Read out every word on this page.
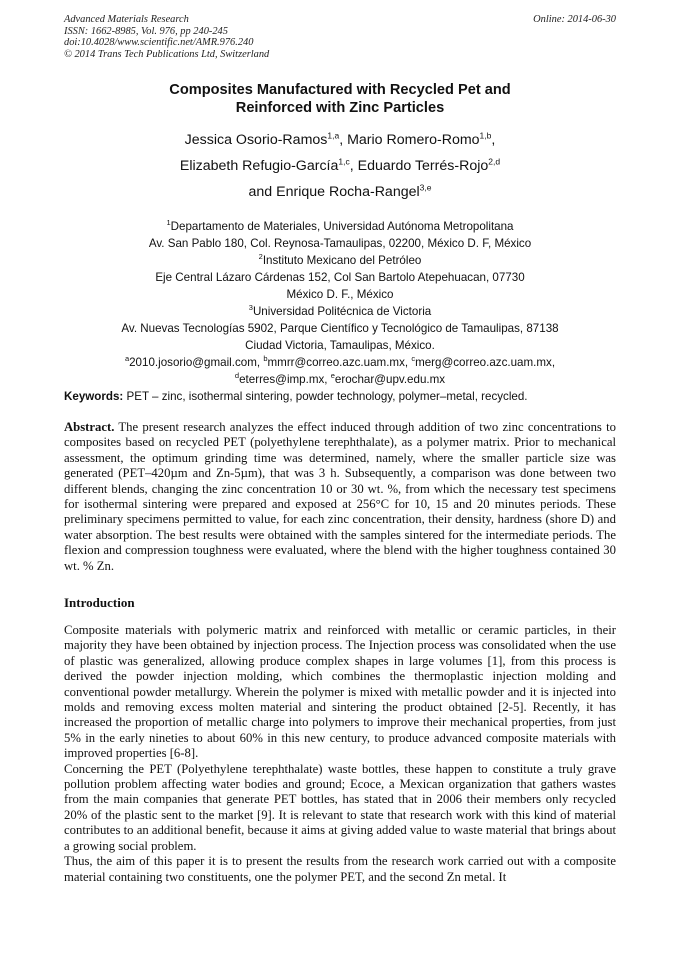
Advanced Materials Research
ISSN: 1662-8985, Vol. 976, pp 240-245
doi:10.4028/www.scientific.net/AMR.976.240
© 2014 Trans Tech Publications Ltd, Switzerland
Online: 2014-06-30
Composites Manufactured with Recycled Pet and
Reinforced with Zinc Particles
Jessica Osorio-Ramos$^{1,a}$, Mario Romero-Romo$^{1,b}$,
Elizabeth Refugio-García$^{1,c}$, Eduardo Terrés-Rojo$^{2,d}$
and Enrique Rocha-Rangel$^{3,e}$
$^1$Departamento de Materiales, Universidad Autónoma Metropolitana
Av. San Pablo 180, Col. Reynosa-Tamaulipas, 02200, México D. F, México
$^2$Instituto Mexicano del Petróleo
Eje Central Lázaro Cárdenas 152, Col San Bartolo Atepehuacan, 07730
México D. F., México
$^3$Universidad Politécnica de Victoria
Av. Nuevas Tecnologías 5902, Parque Científico y Tecnológico de Tamaulipas, 87138
Ciudad Victoria, Tamaulipas, México.
$^a$2010.josorio@gmail.com, $^b$mmrr@correo.azc.uam.mx, $^c$merg@correo.azc.uam.mx,
$^d$eterres@imp.mx, $^e$erochar@upv.edu.mx
Keywords: PET – zinc, isothermal sintering, powder technology, polymer–metal, recycled.

Abstract. The present research analyzes the effect induced through addition of two zinc concentrations to composites based on recycled PET (polyethylene terephthalate), as a polymer matrix. Prior to mechanical assessment, the optimum grinding time was determined, namely, where the smaller particle size was generated (PET–420µm and Zn-5µm), that was 3 h. Subsequently, a comparison was done between two different blends, changing the zinc concentration 10 or 30 wt. %, from which the necessary test specimens for isothermal sintering were prepared and exposed at 256°C for 10, 15 and 20 minutes periods. These preliminary specimens permitted to value, for each zinc concentration, their density, hardness (shore D) and water absorption. The best results were obtained with the samples sintered for the intermediate periods. The flexion and compression toughness were evaluated, where the blend with the higher toughness contained 30 wt. % Zn.

Introduction

Composite materials with polymeric matrix and reinforced with metallic or ceramic particles, in their majority they have been obtained by injection process. The Injection process was consolidated when the use of plastic was generalized, allowing produce complex shapes in large volumes [1], from this process is derived the powder injection molding, which combines the thermoplastic injection molding and conventional powder metallurgy. Wherein the polymer is mixed with metallic powder and it is injected into molds and removing excess molten material and sintering the product obtained [2-5]. Recently, it has increased the proportion of metallic charge into polymers to improve their mechanical properties, from just 5% in the early nineties to about 60% in this new century, to produce advanced composite materials with improved properties [6-8].

Concerning the PET (Polyethylene terephthalate) waste bottles, these happen to constitute a truly grave pollution problem affecting water bodies and ground; Ecoce, a Mexican organization that gathers wastes from the main companies that generate PET bottles, has stated that in 2006 their members only recycled 20% of the plastic sent to the market [9]. It is relevant to state that research work with this kind of material contributes to an additional benefit, because it aims at giving added value to waste material that brings about a growing social problem.

Thus, the aim of this paper it is to present the results from the research work carried out with a composite material containing two constituents, one the polymer PET, and the second Zn metal. It
